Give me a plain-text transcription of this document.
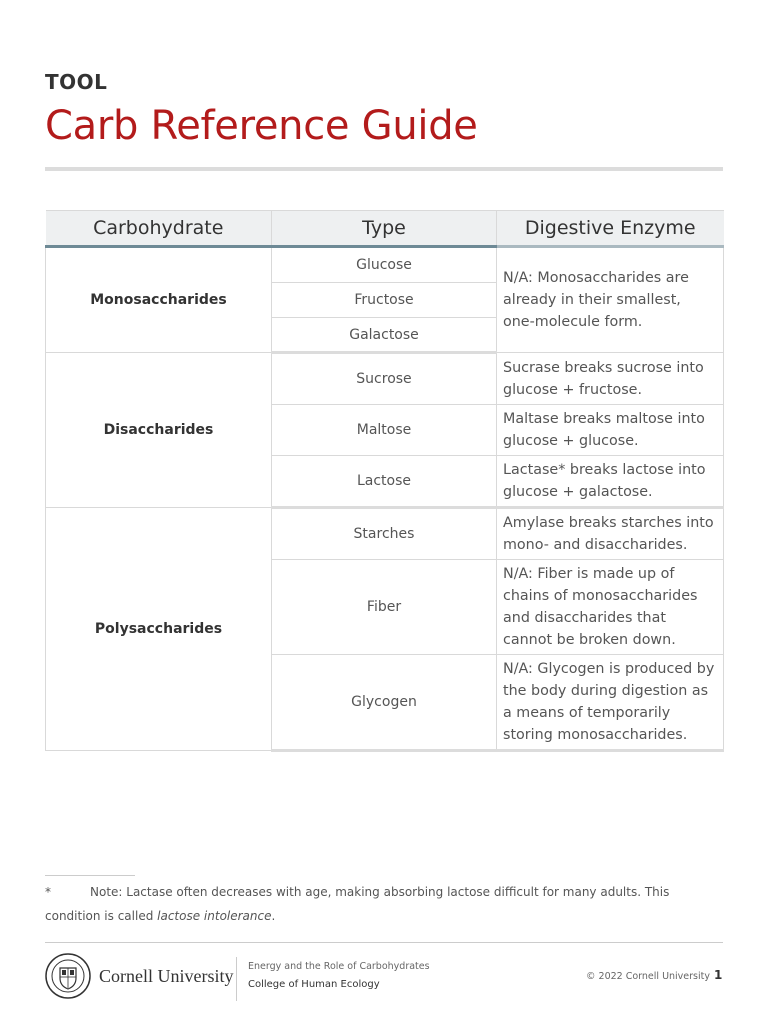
TOOL
Carb Reference Guide
Carbohydrate	Type	Digestive Enzyme
Monosaccharides	Glucose	N/A: Monosaccharides are already in their smallest, one-molecule form.
	Fructose	
	Galactose	
Disaccharides	Sucrose	Sucrase breaks sucrose into glucose + fructose.
	Maltose	Maltase breaks maltose into glucose + glucose.
	Lactose	Lactase* breaks lactose into glucose + galactose.
Polysaccharides	Starches	Amylase breaks starches into mono- and disaccharides.
	Fiber	N/A: Fiber is made up of chains of monosaccharides and disaccharides that cannot be broken down.
	Glycogen	N/A: Glycogen is produced by the body during digestion as a means of temporarily storing monosaccharides.
*	Note: Lactase often decreases with age, making absorbing lactose difficult for many adults. This condition is called lactose intolerance.
Cornell University Energy and the Role of Carbohydrates
College of Human Ecology
© 2022 Cornell University 1
